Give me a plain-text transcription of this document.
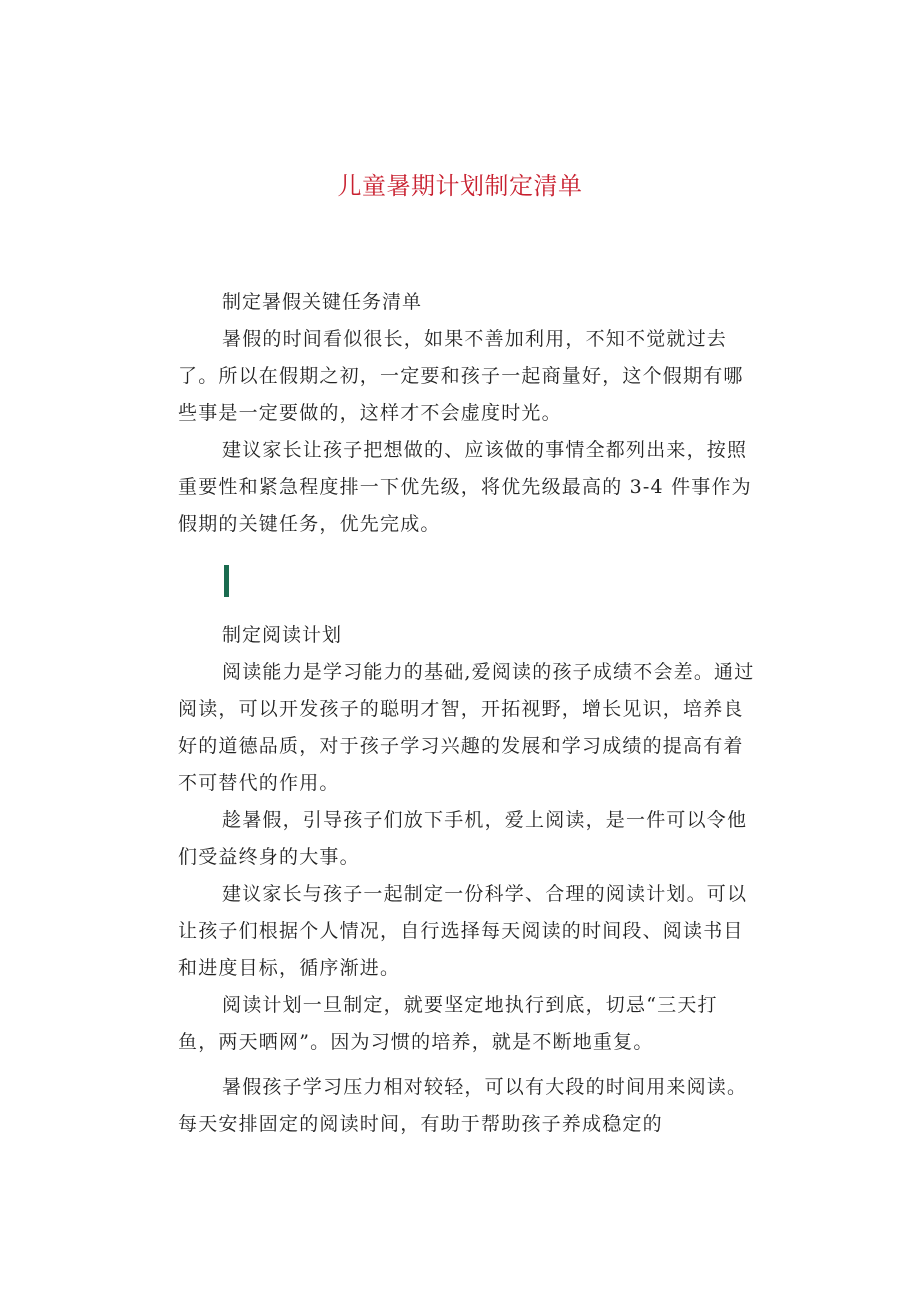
儿童暑期计划制定清单

制定暑假关键任务清单

暑假的时间看似很长，如果不善加利用，不知不觉就过去了。所以在假期之初，一定要和孩子一起商量好，这个假期有哪些事是一定要做的，这样才不会虚度时光。

建议家长让孩子把想做的、应该做的事情全都列出来，按照重要性和紧急程度排一下优先级，将优先级最高的 3-4 件事作为假期的关键任务，优先完成。

制定阅读计划

阅读能力是学习能力的基础,爱阅读的孩子成绩不会差。通过阅读，可以开发孩子的聪明才智，开拓视野，增长见识，培养良好的道德品质，对于孩子学习兴趣的发展和学习成绩的提高有着不可替代的作用。

趁暑假，引导孩子们放下手机，爱上阅读，是一件可以令他们受益终身的大事。

建议家长与孩子一起制定一份科学、合理的阅读计划。可以让孩子们根据个人情况，自行选择每天阅读的时间段、阅读书目和进度目标，循序渐进。

阅读计划一旦制定，就要坚定地执行到底，切忌“三天打鱼，两天晒网”。因为习惯的培养，就是不断地重复。

暑假孩子学习压力相对较轻，可以有大段的时间用来阅读。每天安排固定的阅读时间，有助于帮助孩子养成稳定的
